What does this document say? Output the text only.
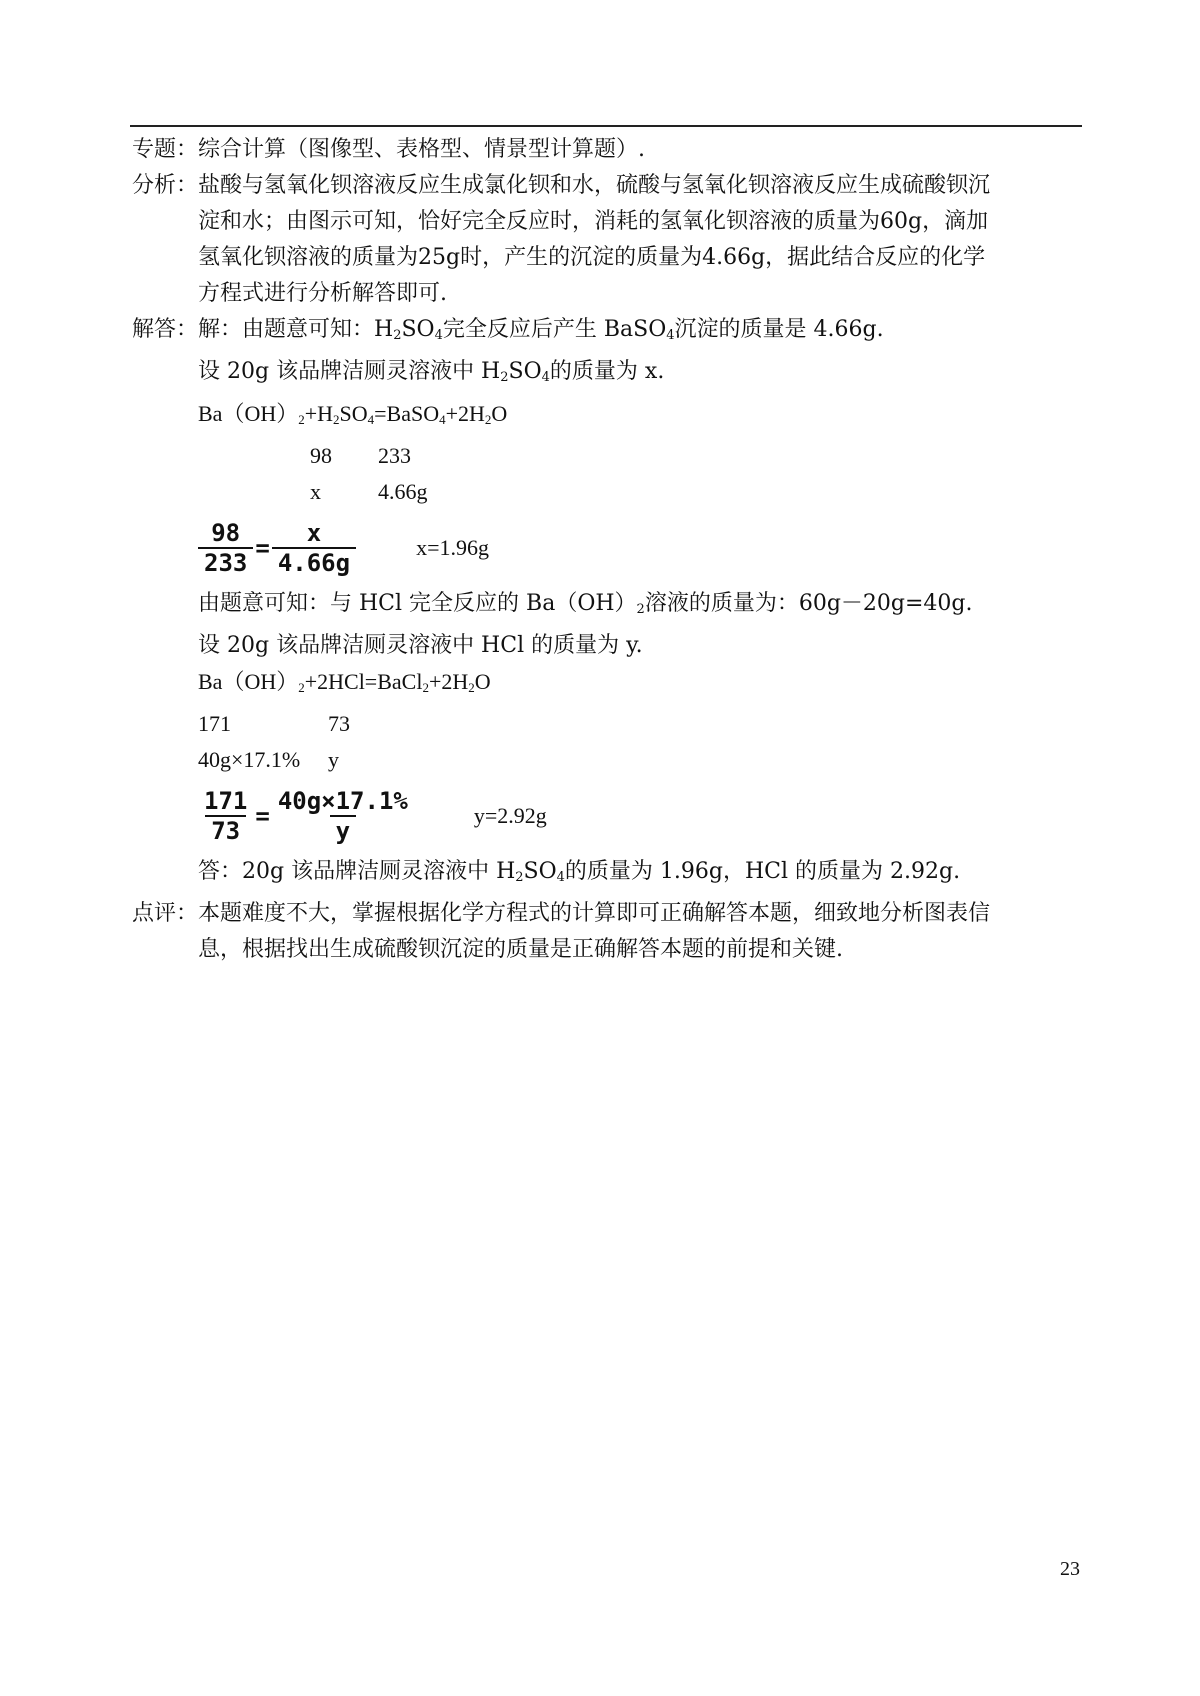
专题： 综合计算（图像型、表格型、情景型计算题）.
分析： 盐酸与氢氧化钡溶液反应生成氯化钡和水，硫酸与氢氧化钡溶液反应生成硫酸钡沉
淀和水；由图示可知，恰好完全反应时，消耗的氢氧化钡溶液的质量为60g，滴加
氢氧化钡溶液的质量为25g时，产生的沉淀的质量为4.66g，据此结合反应的化学
方程式进行分析解答即可.
解答： 解：由题意可知：$H_2SO_4$完全反应后产生 BaSO$_4$沉淀的质量是 4.66g.
设 20g 该品牌洁厕灵溶液中 $H_2SO_4$的质量为 x.
$Ba(OH)_2+H_2SO_4=BaSO_4+2H_2O$
98	233
x	4.66g
$\frac{98}{233} = \frac{x}{4.66g}$	x=1.96g
由题意可知：与 HCl 完全反应的 $Ba(OH)_2$溶液的质量为：60g－20g=40g.
设 20g 该品牌洁厕灵溶液中 HCl 的质量为 y.
$Ba(OH)_2+2HCl=BaCl_2+2H_2O$
171	73
40g×17.1%	y
$\frac{171}{73} = \frac{40g\times 17.1\%}{y}$	y=2.92g
答：20g 该品牌洁厕灵溶液中 $H_2SO_4$的质量为 1.96g，HCl 的质量为 2.92g.
点评： 本题难度不大，掌握根据化学方程式的计算即可正确解答本题，细致地分析图表信
息，根据找出生成硫酸钡沉淀的质量是正确解答本题的前提和关键.
23
